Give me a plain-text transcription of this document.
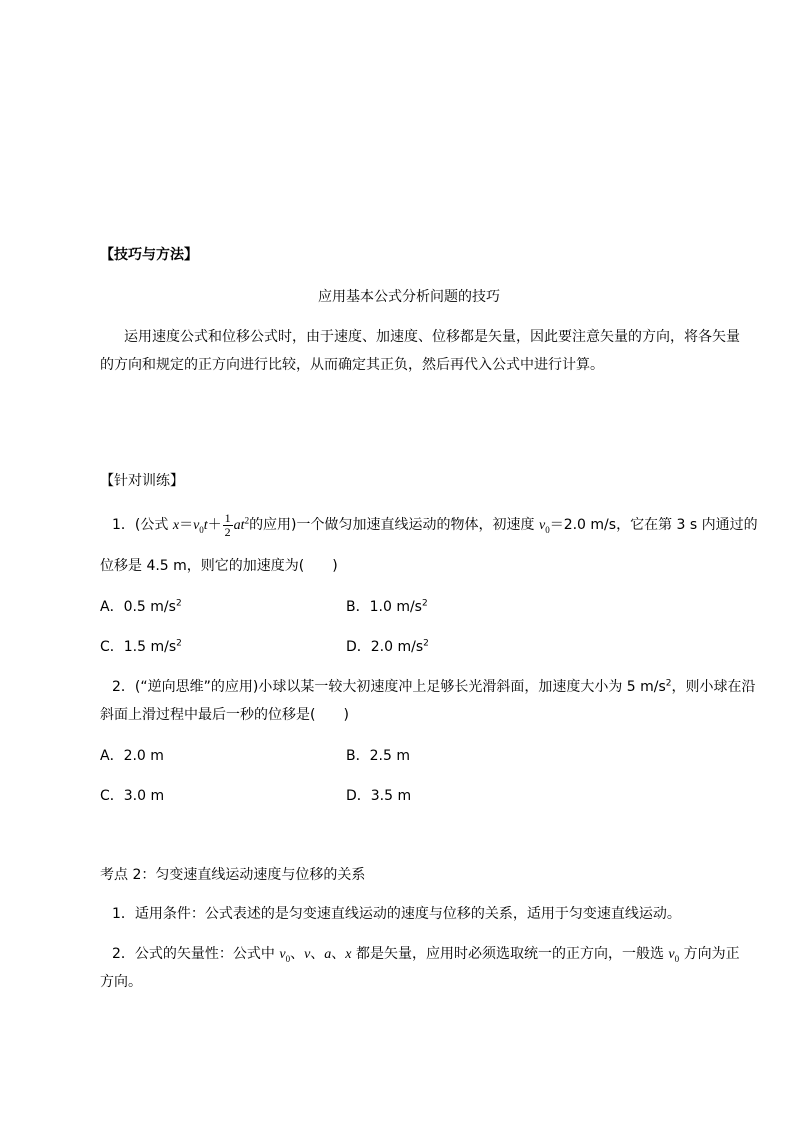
【技巧与方法】
应用基本公式分析问题的技巧
运用速度公式和位移公式时，由于速度、加速度、位移都是矢量，因此要注意矢量的方向，将各矢量
的方向和规定的正方向进行比较，从而确定其正负，然后再代入公式中进行计算。
【针对训练】
1．(公式 $x=v_0t+ \frac{1}{2} at^2$的应用)一个做匀加速直线运动的物体，初速度 $v_0=2.0$ m/s，它在第 3 s 内通过的
位移是 4.5 m，则它的加速度为(　　)
A．0.5 $m/s^2$	B．1.0 $m/s^2$
C．1.5 $m/s^2$	D．2.0 $m/s^2$
2．(“逆向思维”的应用)小球以某一较大初速度冲上足够长光滑斜面，加速度大小为 5 $m/s^2$，则小球在沿
斜面上滑过程中最后一秒的位移是(　　)
A．2.0 m	B．2.5 m
C．3.0 m	D．3.5 m
考点 2：匀变速直线运动速度与位移的关系
1．适用条件：公式表述的是匀变速直线运动的速度与位移的关系，适用于匀变速直线运动。
2．公式的矢量性：公式中 $v_0$、v、a、x 都是矢量，应用时必须选取统一的正方向，一般选 $v_0$ 方向为正
方向。
